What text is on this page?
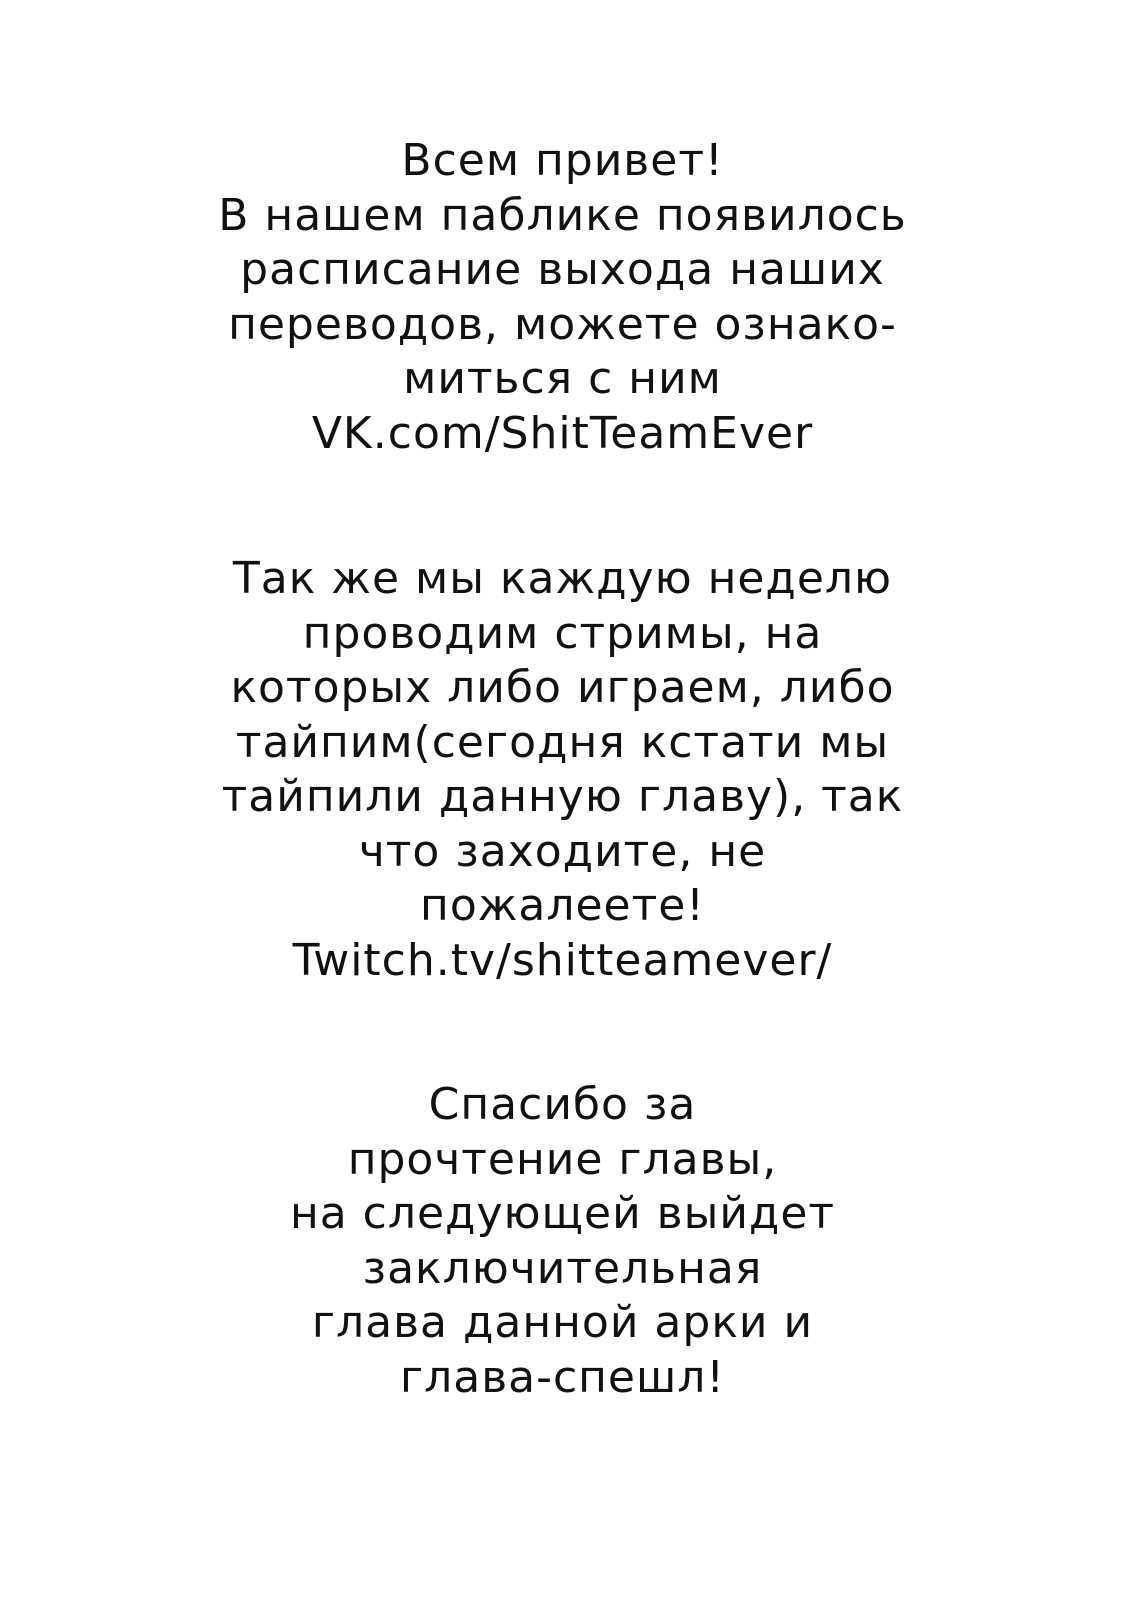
Всем привет!
В нашем паблике появилось
расписание выхода наших
переводов, можете ознако-
миться с ним
VK.com/ShitTeamEver
Так же мы каждую неделю
проводим стримы, на
которых либо играем, либо
тайпим(сегодня кстати мы
тайпили данную главу), так
что заходите, не
пожалеете!
Twitch.tv/shitteamever/
Спасибо за
прочтение главы,
на следующей выйдет
заключительная
глава данной арки и
глава-спешл!
